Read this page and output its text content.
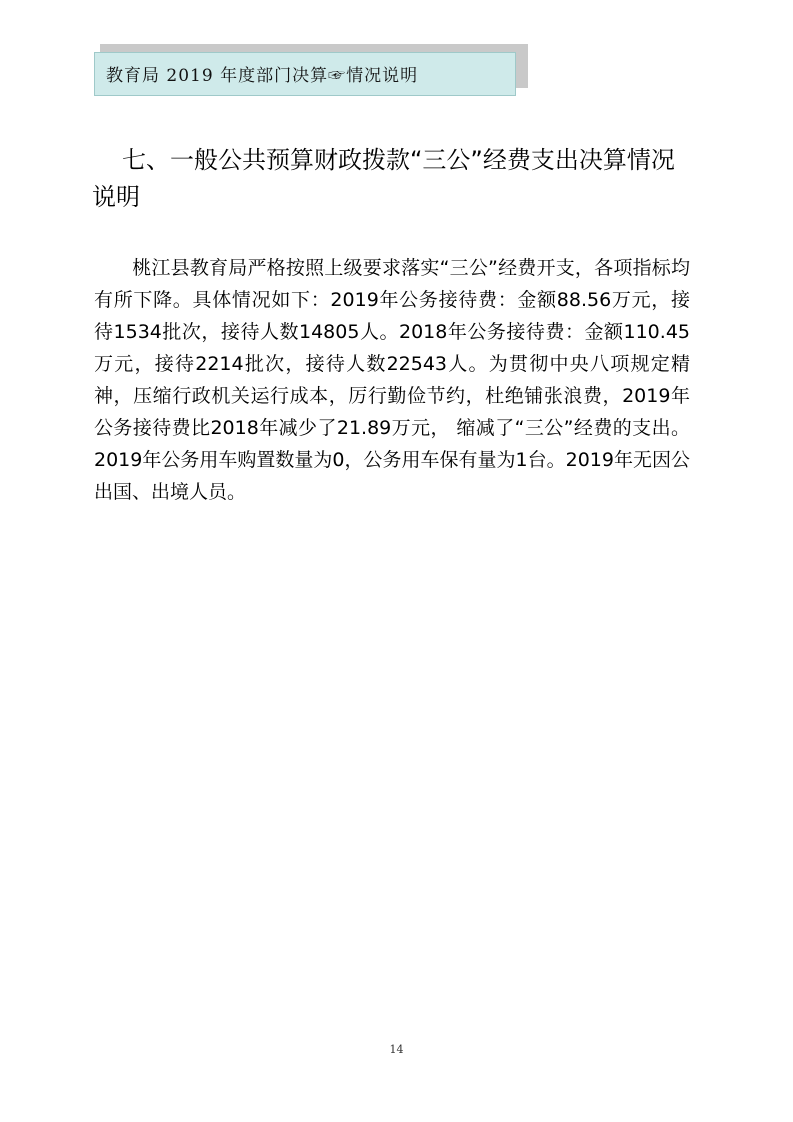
教育局 2019 年度部门决算☞情况说明
七、一般公共预算财政拨款“三公”经费支出决算情况说明

桃江县教育局严格按照上级要求落实“三公”经费开支，各项指标均有所下降。具体情况如下：2019年公务接待费：金额88.56万元，接待1534批次，接待人数14805人。2018年公务接待费：金额110.45万元，接待2214批次，接待人数22543人。为贯彻中央八项规定精神，压缩行政机关运行成本，厉行勤俭节约，杜绝铺张浪费，2019年公务接待费比2018年减少了21.89万元， 缩减了“三公”经费的支出。2019年公务用车购置数量为0，公务用车保有量为1台。2019年无因公出国、出境人员。

14
